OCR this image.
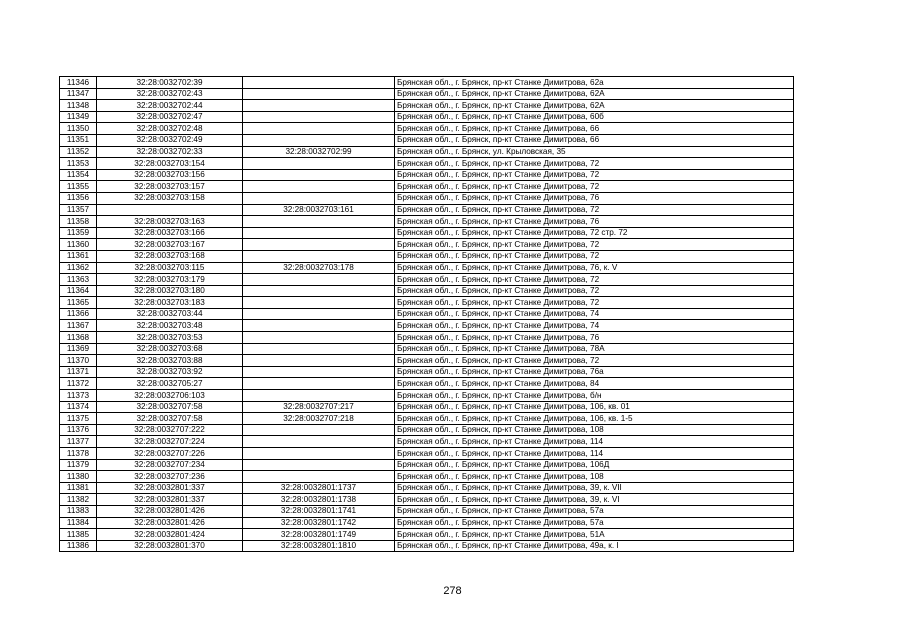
11346	32:28:0032702:39		Брянская обл., г. Брянск, пр-кт Станке Димитрова, 62а
11347	32:28:0032702:43		Брянская обл., г. Брянск, пр-кт Станке Димитрова, 62А
11348	32:28:0032702:44		Брянская обл., г. Брянск, пр-кт Станке Димитрова, 62А
11349	32:28:0032702:47		Брянская обл., г. Брянск, пр-кт Станке Димитрова, 60б
11350	32:28:0032702:48		Брянская обл., г. Брянск, пр-кт Станке Димитрова, 66
11351	32:28:0032702:49		Брянская обл., г. Брянск, пр-кт Станке Димитрова, 66
11352	32:28:0032702:33	32:28:0032702:99	Брянская обл., г. Брянск, ул. Крыловская, 35
11353	32:28:0032703:154		Брянская обл., г. Брянск, пр-кт Станке Димитрова, 72
11354	32:28:0032703:156		Брянская обл., г. Брянск, пр-кт Станке Димитрова, 72
11355	32:28:0032703:157		Брянская обл., г. Брянск, пр-кт Станке Димитрова, 72
11356	32:28:0032703:158		Брянская обл., г. Брянск, пр-кт Станке Димитрова, 76
11357		32:28:0032703:161	Брянская обл., г. Брянск, пр-кт Станке Димитрова, 72
11358	32:28:0032703:163		Брянская обл., г. Брянск, пр-кт Станке Димитрова, 76
11359	32:28:0032703:166		Брянская обл., г. Брянск, пр-кт Станке Димитрова, 72 стр. 72
11360	32:28:0032703:167		Брянская обл., г. Брянск, пр-кт Станке Димитрова, 72
11361	32:28:0032703:168		Брянская обл., г. Брянск, пр-кт Станке Димитрова, 72
11362	32:28:0032703:115	32:28:0032703:178	Брянская обл., г. Брянск, пр-кт Станке Димитрова, 76, к. V
11363	32:28:0032703:179		Брянская обл., г. Брянск, пр-кт Станке Димитрова, 72
11364	32:28:0032703:180		Брянская обл., г. Брянск, пр-кт Станке Димитрова, 72
11365	32:28:0032703:183		Брянская обл., г. Брянск, пр-кт Станке Димитрова, 72
11366	32:28:0032703:44		Брянская обл., г. Брянск, пр-кт Станке Димитрова, 74
11367	32:28:0032703:48		Брянская обл., г. Брянск, пр-кт Станке Димитрова, 74
11368	32:28:0032703:53		Брянская обл., г. Брянск, пр-кт Станке Димитрова, 76
11369	32:28:0032703:68		Брянская обл., г. Брянск, пр-кт Станке Димитрова, 78А
11370	32:28:0032703:88		Брянская обл., г. Брянск, пр-кт Станке Димитрова, 72
11371	32:28:0032703:92		Брянская обл., г. Брянск, пр-кт Станке Димитрова, 76а
11372	32:28:0032705:27		Брянская обл., г. Брянск, пр-кт Станке Димитрова, 84
11373	32:28:0032706:103		Брянская обл., г. Брянск, пр-кт Станке Димитрова, б/н
11374	32:28:0032707:58	32:28:0032707:217	Брянская обл., г. Брянск, пр-кт Станке Димитрова, 106, кв. 01
11375	32:28:0032707:58	32:28:0032707:218	Брянская обл., г. Брянск, пр-кт Станке Димитрова, 106, кв. 1-5
11376	32:28:0032707:222		Брянская обл., г. Брянск, пр-кт Станке Димитрова, 108
11377	32:28:0032707:224		Брянская обл., г. Брянск, пр-кт Станке Димитрова, 114
11378	32:28:0032707:226		Брянская обл., г. Брянск, пр-кт Станке Димитрова, 114
11379	32:28:0032707:234		Брянская обл., г. Брянск, пр-кт Станке Димитрова, 106Д
11380	32:28:0032707:236		Брянская обл., г. Брянск, пр-кт Станке Димитрова, 108
11381	32:28:0032801:337	32:28:0032801:1737	Брянская обл., г. Брянск, пр-кт Станке Димитрова, 39, к. VII
11382	32:28:0032801:337	32:28:0032801:1738	Брянская обл., г. Брянск, пр-кт Станке Димитрова, 39, к. VI
11383	32:28:0032801:426	32:28:0032801:1741	Брянская обл., г. Брянск, пр-кт Станке Димитрова, 57а
11384	32:28:0032801:426	32:28:0032801:1742	Брянская обл., г. Брянск, пр-кт Станке Димитрова, 57а
11385	32:28:0032801:424	32:28:0032801:1749	Брянская обл., г. Брянск, пр-кт Станке Димитрова, 51А
11386	32:28:0032801:370	32:28:0032801:1810	Брянская обл., г. Брянск, пр-кт Станке Димитрова, 49а, к. I
278
